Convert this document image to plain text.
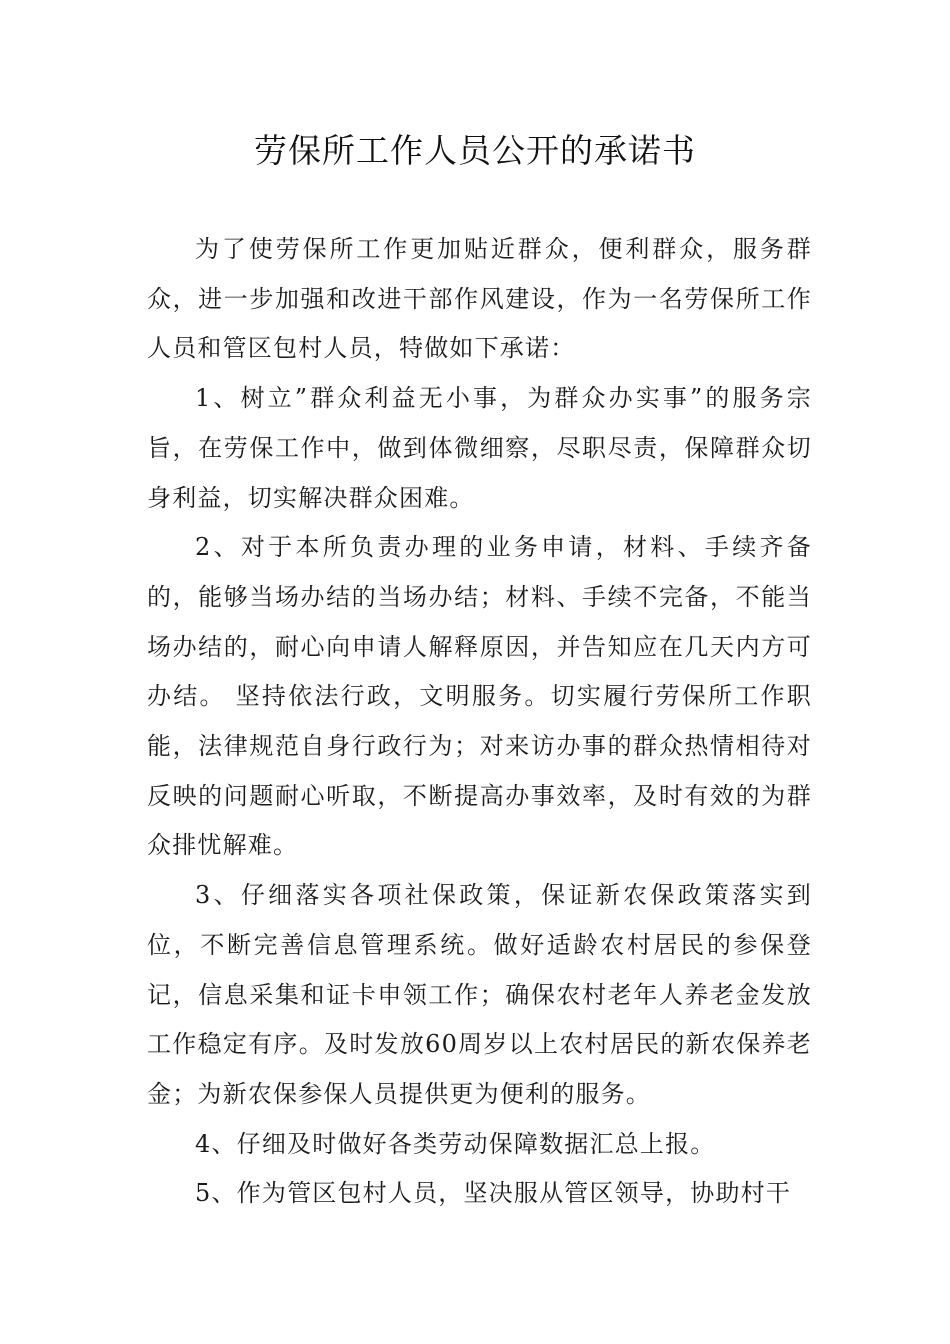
劳保所工作人员公开的承诺书

为了使劳保所工作更加贴近群众，便利群众，服务群众，进一步加强和改进干部作风建设，作为一名劳保所工作人员和管区包村人员，特做如下承诺：

1、树立”群众利益无小事，为群众办实事”的服务宗旨，在劳保工作中，做到体微细察，尽职尽责，保障群众切身利益，切实解决群众困难。

2、对于本所负责办理的业务申请，材料、手续齐备的，能够当场办结的当场办结；材料、手续不完备，不能当场办结的，耐心向申请人解释原因，并告知应在几天内方可办结。 坚持依法行政，文明服务。切实履行劳保所工作职能，法律规范自身行政行为；对来访办事的群众热情相待对反映的问题耐心听取，不断提高办事效率，及时有效的为群众排忧解难。

3、仔细落实各项社保政策，保证新农保政策落实到位，不断完善信息管理系统。做好适龄农村居民的参保登记，信息采集和证卡申领工作；确保农村老年人养老金发放工作稳定有序。及时发放60周岁以上农村居民的新农保养老金；为新农保参保人员提供更为便利的服务。

4、仔细及时做好各类劳动保障数据汇总上报。

5、作为管区包村人员，坚决服从管区领导，协助村干
